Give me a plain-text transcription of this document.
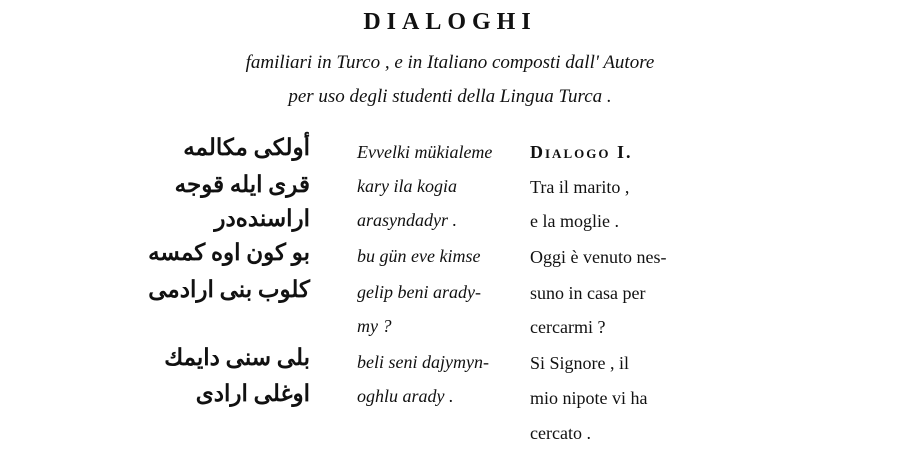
DIALOGHI
familiari in Turco , e in Italiano composti dall' Autore
per uso degli studenti della Lingua Turca .
أولكى مكالمه
قرى ايله قوجه
اراسندەدر
بو كون اوه كمسه
كلوب بنى ارادمى
بلى سنى دايمك
اوغلى ارادى
Evvelki mükialeme
kary ila kogia
arasyndadyr .
bu gün eve kimse
gelip beni arady-
my ?
beli seni dajymyn-
oghlu arady .
Dialogo I.
Tra il marito ,
e la moglie .
Oggi è venuto nes-
suno in casa per
cercarmi ?
Si Signore , il
mio nipote vi ha
cercato .
